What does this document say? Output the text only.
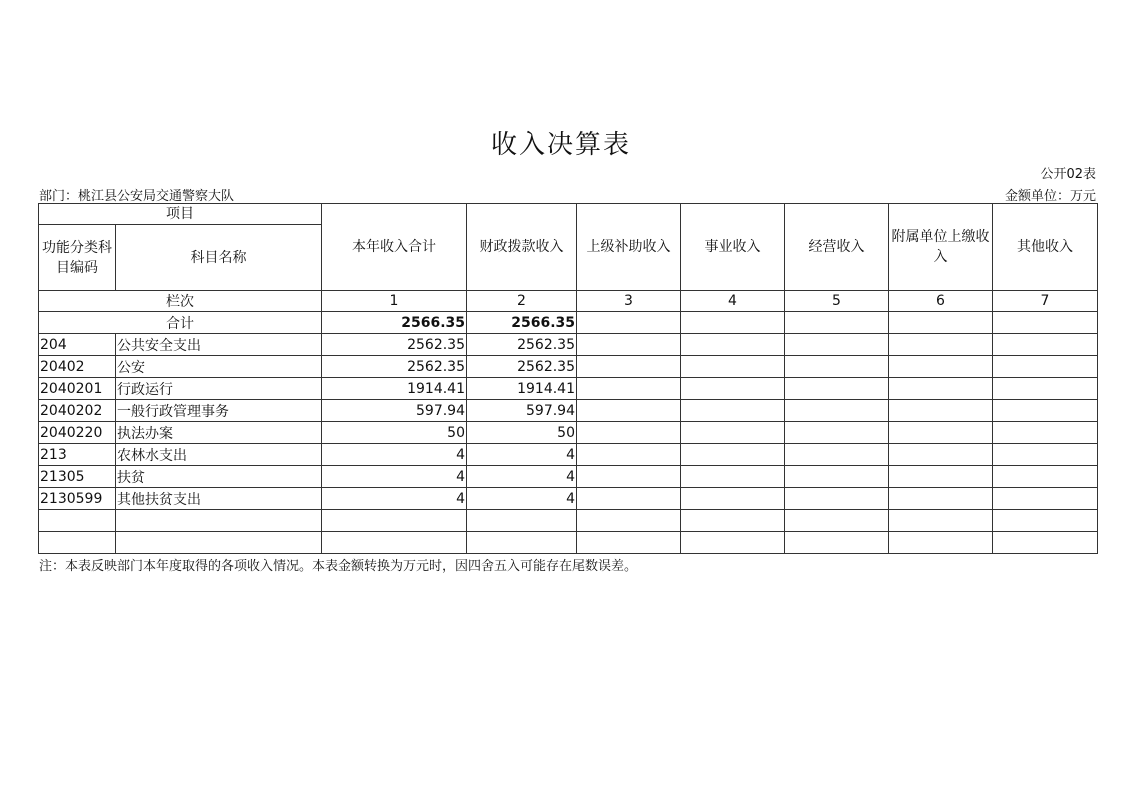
收入决算表
公开02表
部门：桃江县公安局交通警察大队	金额单位：万元
项目		本年收入合计	财政拨款收入	上级补助收入	事业收入	经营收入	附属单位上缴收入	其他收入
功能分类科目编码	科目名称							
栏次		1	2	3	4	5	6	7
合计		2566.35	2566.35					
204	公共安全支出	2562.35	2562.35					
20402	公安	2562.35	2562.35					
2040201	行政运行	1914.41	1914.41					
2040202	一般行政管理事务	597.94	597.94					
2040220	执法办案	50	50					
213	农林水支出	4	4					
21305	扶贫	4	4					
2130599	其他扶贫支出	4	4					

注：本表反映部门本年度取得的各项收入情况。本表金额转换为万元时，因四舍五入可能存在尾数误差。
